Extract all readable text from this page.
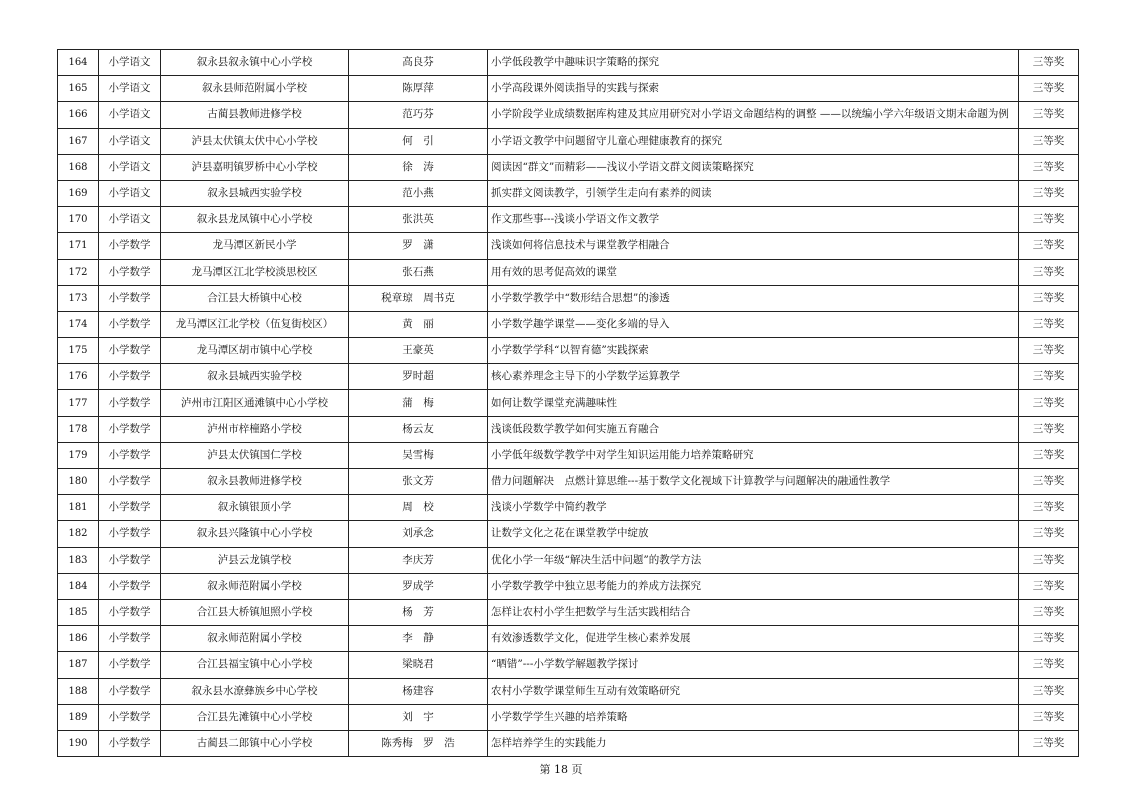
164	小学语文	叙永县叙永镇中心小学校	高良芬	小学低段教学中趣味识字策略的探究	三等奖
165	小学语文	叙永县师范附属小学校	陈厚萍	小学高段课外阅读指导的实践与探索	三等奖
166	小学语文	古蔺县教师进修学校	范巧芬	小学阶段学业成绩数据库构建及其应用研究对小学语文命题结构的调整 ——以统编小学六年级语文期末命题为例	三等奖
167	小学语文	泸县太伏镇太伏中心小学校	何　引	小学语文教学中问题留守儿童心理健康教育的探究	三等奖
168	小学语文	泸县嘉明镇罗桥中心小学校	徐　涛	阅读因“群文”而精彩——浅议小学语文群文阅读策略探究	三等奖
169	小学语文	叙永县城西实验学校	范小燕	抓实群文阅读教学，引领学生走向有素养的阅读	三等奖
170	小学语文	叙永县龙凤镇中心小学校	张洪英	作文那些事---浅谈小学语文作文教学	三等奖
171	小学数学	龙马潭区新民小学	罗　潇	浅谈如何将信息技术与课堂教学相融合	三等奖
172	小学数学	龙马潭区江北学校淡思校区	张石燕	用有效的思考促高效的课堂	三等奖
173	小学数学	合江县大桥镇中心校	税章琼　周书克	小学数学教学中“数形结合思想”的渗透	三等奖
174	小学数学	龙马潭区江北学校（伍复街校区）	黄　丽	小学数学趣学课堂——变化多端的导入	三等奖
175	小学数学	龙马潭区胡市镇中心学校	王豪英	小学数学学科“以智育德”实践探索	三等奖
176	小学数学	叙永县城西实验学校	罗时超	核心素养理念主导下的小学数学运算教学	三等奖
177	小学数学	泸州市江阳区通滩镇中心小学校	蒲　梅	如何让数学课堂充满趣味性	三等奖
178	小学数学	泸州市梓橦路小学校	杨云友	浅谈低段数学教学如何实施五育融合	三等奖
179	小学数学	泸县太伏镇国仁学校	吴雪梅	小学低年级数学教学中对学生知识运用能力培养策略研究	三等奖
180	小学数学	叙永县教师进修学校	张文芳	借力问题解决　点燃计算思维---基于数学文化视域下计算教学与问题解决的融通性教学	三等奖
181	小学数学	叙永镇银顶小学	周　校	浅谈小学数学中简约教学	三等奖
182	小学数学	叙永县兴隆镇中心小学校	刘承念	让数学文化之花在课堂教学中绽放	三等奖
183	小学数学	泸县云龙镇学校	李庆芳	优化小学一年级“解决生活中问题”的教学方法	三等奖
184	小学数学	叙永师范附属小学校	罗成学	小学数学教学中独立思考能力的养成方法探究	三等奖
185	小学数学	合江县大桥镇旭照小学校	杨　芳	怎样让农村小学生把数学与生活实践相结合	三等奖
186	小学数学	叙永师范附属小学校	李　静	有效渗透数学文化，促进学生核心素养发展	三等奖
187	小学数学	合江县福宝镇中心小学校	梁晓君	“晒错”---小学数学解题教学探讨	三等奖
188	小学数学	叙永县水潦彝族乡中心学校	杨建容	农村小学数学课堂师生互动有效策略研究	三等奖
189	小学数学	合江县先滩镇中心小学校	刘　宇	小学数学学生兴趣的培养策略	三等奖
190	小学数学	古蔺县二郎镇中心小学校	陈秀梅　罗　浩	怎样培养学生的实践能力	三等奖
第 18 页
